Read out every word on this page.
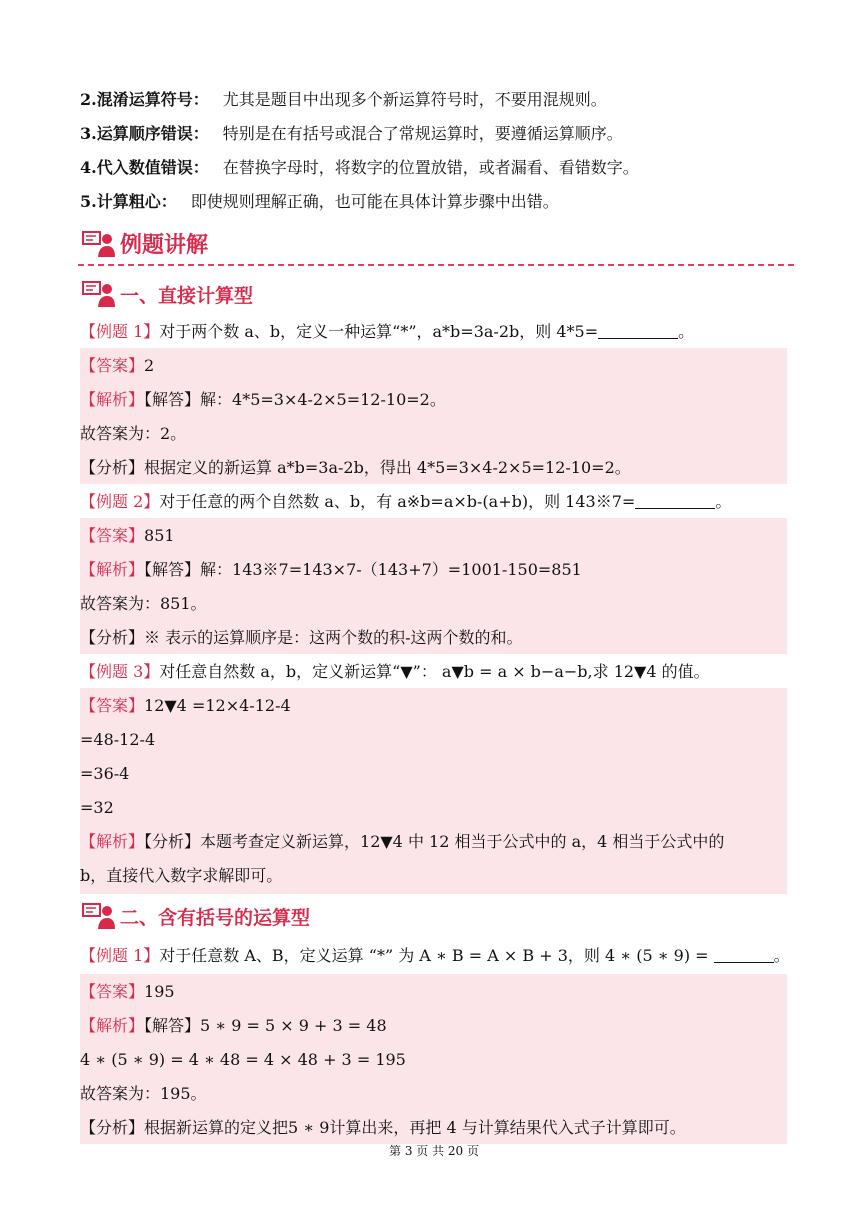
2.混淆运算符号： 尤其是题目中出现多个新运算符号时，不要用混规则。
3.运算顺序错误： 特别是在有括号或混合了常规运算时，要遵循运算顺序。
4.代入数值错误： 在替换字母时，将数字的位置放错，或者漏看、看错数字。
5.计算粗心： 即使规则理解正确，也可能在具体计算步骤中出错。
例题讲解
一、直接计算型
【例题 1】对于两个数 a、b，定义一种运算“*”，a*b=3a-2b，则 4*5=	。
【答案】2
【解析】【解答】解：4*5=3×4-2×5=12-10=2。
故答案为：2。
【分析】根据定义的新运算 a*b=3a-2b，得出 4*5=3×4-2×5=12-10=2。
【例题 2】对于任意的两个自然数 a、b，有 a※b=a×b-(a+b)，则 143※7=	。
【答案】851
【解析】【解答】解：143※7=143×7-（143+7）=1001-150=851
故答案为：851。
【分析】※ 表示的运算顺序是：这两个数的积-这两个数的和。
【例题 3】对任意自然数 a，b，定义新运算“▼”： a▼b = a × b−a−b,求 12▼4 的值。
【答案】12▼4 =12×4-12-4
=48-12-4
=36-4
=32
【解析】【分析】本题考查定义新运算，12▼4 中 12 相当于公式中的 a，4 相当于公式中的
b，直接代入数字求解即可。
二、含有括号的运算型
【例题 1】对于任意数 A、B，定义运算 “*” 为 A ∗ B = A × B + 3，则 4 ∗ (5 ∗ 9) =	。
【答案】195
【解析】【解答】5 ∗ 9 = 5 × 9 + 3 = 48
4 ∗ (5 ∗ 9) = 4 ∗ 48 = 4 × 48 + 3 = 195
故答案为：195。
【分析】根据新运算的定义把5 ∗ 9计算出来，再把 4 与计算结果代入式子计算即可。
第 3 页 共 20 页
